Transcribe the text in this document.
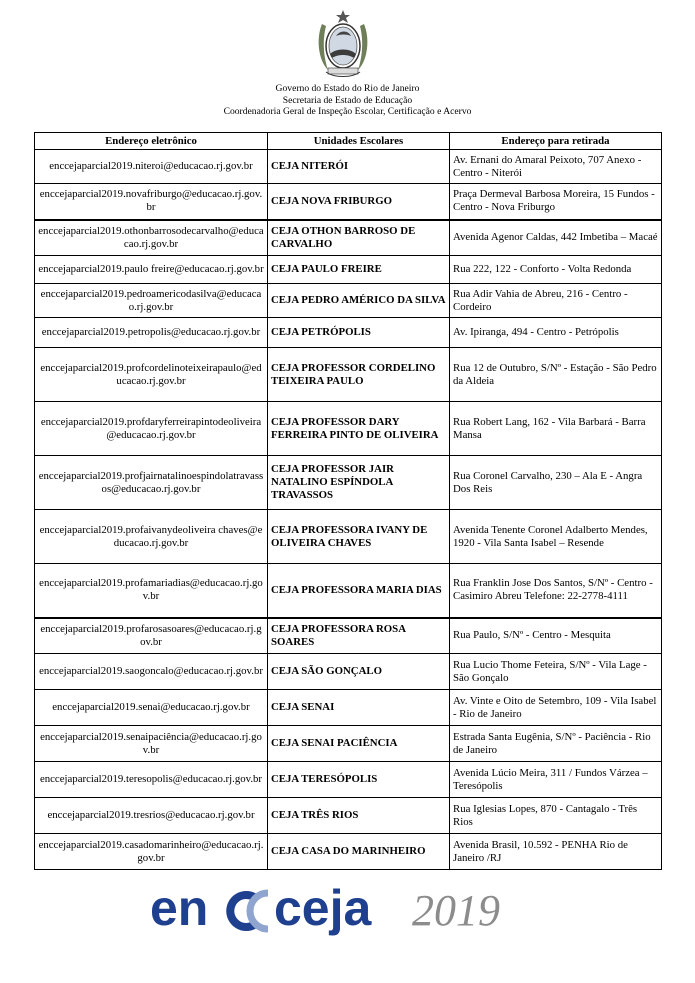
Governo do Estado do Rio de Janeiro
Secretaria de Estado de Educação
Coordenadoria Geral de Inspeção Escolar, Certificação e Acervo
Endereço eletrônico	Unidades Escolares	Endereço para retirada
enccejaparcial2019.niteroi@educacao.rj.gov.br	CEJA NITERÓI	Av. Ernani do Amaral Peixoto, 707 Anexo - Centro - Niterói
enccejaparcial2019.novafriburgo@educacao.rj.gov.br	CEJA NOVA FRIBURGO	Praça Dermeval Barbosa Moreira, 15 Fundos - Centro - Nova Friburgo
enccejaparcial2019.othonbarrosodecarvalho@educacao.rj.gov.br	CEJA OTHON BARROSO DE CARVALHO	Avenida Agenor Caldas, 442 Imbetiba – Macaé
enccejaparcial2019.paulo freire@educacao.rj.gov.br	CEJA PAULO FREIRE	Rua 222, 122 - Conforto - Volta Redonda
enccejaparcial2019.pedroamericodasilva@educacao.rj.gov.br	CEJA PEDRO AMÉRICO DA SILVA	Rua Adir Vahia de Abreu, 216 - Centro - Cordeiro
enccejaparcial2019.petropolis@educacao.rj.gov.br	CEJA PETRÓPOLIS	Av. Ipiranga, 494 - Centro - Petrópolis
enccejaparcial2019.profcordelinoteixeirapaulo@educacao.rj.gov.br	CEJA PROFESSOR CORDELINO TEIXEIRA PAULO	Rua 12 de Outubro, S/Nº - Estação - São Pedro da Aldeia
enccejaparcial2019.profdaryferreirapintodeoliveira@educacao.rj.gov.br	CEJA PROFESSOR DARY FERREIRA PINTO DE OLIVEIRA	Rua Robert Lang, 162 - Vila Barbará - Barra Mansa
enccejaparcial2019.profjairnatalinoespindolatravassos@educacao.rj.gov.br	CEJA PROFESSOR JAIR NATALINO ESPÍNDOLA TRAVASSOS	Rua Coronel Carvalho, 230 – Ala E - Angra Dos Reis
enccejaparcial2019.profaivanydeoliveira chaves@educacao.rj.gov.br	CEJA PROFESSORA IVANY DE OLIVEIRA CHAVES	Avenida Tenente Coronel Adalberto Mendes, 1920 - Vila Santa Isabel – Resende
enccejaparcial2019.profamariadias@educacao.rj.gov.br	CEJA PROFESSORA MARIA DIAS	Rua Franklin Jose Dos Santos, S/Nº - Centro - Casimiro Abreu Telefone: 22-2778-4111
enccejaparcial2019.profarosasoares@educacao.rj.gov.br	CEJA PROFESSORA ROSA SOARES	Rua Paulo, S/Nº - Centro - Mesquita
enccejaparcial2019.saogoncalo@educacao.rj.gov.br	CEJA SÃO GONÇALO	Rua Lucio Thome Feteira, S/Nº - Vila Lage - São Gonçalo
enccejaparcial2019.senai@educacao.rj.gov.br	CEJA SENAI	Av. Vinte e Oito de Setembro, 109 - Vila Isabel - Rio de Janeiro
enccejaparcial2019.senaipaciência@educacao.rj.gov.br	CEJA SENAI PACIÊNCIA	Estrada Santa Eugênia, S/Nº - Paciência - Rio de Janeiro
enccejaparcial2019.teresopolis@educacao.rj.gov.br	CEJA TERESÓPOLIS	Avenida Lúcio Meira, 311 / Fundos Várzea – Teresópolis
enccejaparcial2019.tresrios@educacao.rj.gov.br	CEJA TRÊS RIOS	Rua Iglesias Lopes, 870 - Cantagalo - Três Rios
enccejaparcial2019.casadomarinheiro@educacao.rj.gov.br	CEJA CASA DO MARINHEIRO	Avenida Brasil, 10.592 - PENHA Rio de Janeiro /RJ
en ceja 2019
